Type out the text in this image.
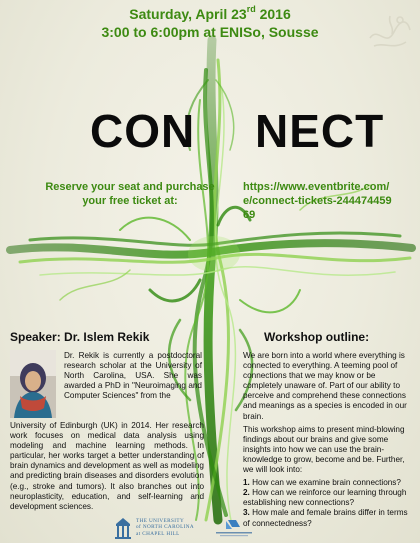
Saturday, April 23rd 2016
3:00 to 6:00pm at ENISo, Sousse
CON NECT
Reserve your seat and purchase
your free ticket at:
https://www.eventbrite.com/e/connect-tickets-24447445969
Speaker: Dr. Islem Rekik	Workshop outline:
Dr. Rekik is currently a postdoctoral research scholar at the University of North Carolina, USA. She was awarded a PhD in "Neuroimaging and Computer Sciences" from the
University of Edinburgh (UK) in 2014. Her research work focuses on medical data analysis using modeling and machine learning methods. In particular, her works target a better understanding of brain dynamics and development as well as modeling and predicting brain diseases and disorders evolution (e.g., stroke and tumors). It also branches out into neuroplasticity, education, and self-learning and development sciences.

We are born into a world where everything is connected to everything. A teeming pool of connections that we may know or be completely unaware of. Part of our ability to perceive and comprehend these connections and meanings as a species is encoded in our brain.

This workshop aims to present mind-blowing findings about our brains and give some insights into how we can use the brain-knowledge to grow, become and be. Further, we will look into:

1. How can we examine brain connections?
2. How can we reinforce our learning through establishing new connections?
3. How male and female brains differ in terms of connectedness?
THE UNIVERSITY
of NORTH CAROLINA
at CHAPEL HILL
